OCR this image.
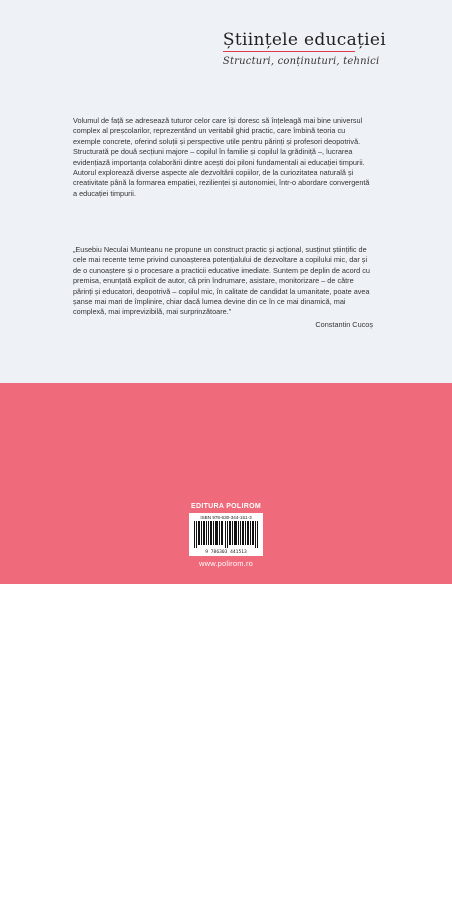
Științele educației
Structuri, conținuturi, tehnici
Volumul de față se adresează tuturor celor care își doresc să înțeleagă mai bine universul complex al preșcolarilor, reprezentând un veritabil ghid practic, care îmbină teoria cu exemple concrete, oferind soluții și perspective utile pentru părinți și profesori deopotrivă. Structurată pe două secțiuni majore – copilul în familie și copilul la grădiniță –, lucrarea evidențiază importanța colaborării dintre acești doi piloni fundamentali ai educației timpurii. Autorul explorează diverse aspecte ale dezvoltării copiilor, de la curiozitatea naturală și creativitate până la formarea empatiei, rezilienței și autonomiei, într-o abordare convergentă a educației timpurii.

„Eusebiu Neculai Munteanu ne propune un construct practic și acțional, susținut științific de cele mai recente teme privind cunoașterea potențialului de dezvoltare a copilului mic, dar și de o cunoaștere și o procesare a practicii educative imediate. Suntem pe deplin de acord cu premisa, enunțată explicit de autor, că prin îndrumare, asistare, monitorizare – de către părinți și educatori, deopotrivă – copilul mic, în calitate de candidat la umanitate, poate avea șanse mai mari de împlinire, chiar dacă lumea devine din ce în ce mai dinamică, mai complexă, mai imprevizibilă, mai surprinzătoare.”

Constantin Cucoș

Ilustrație copertă: © dm-edulas/Depositphotos.com
EDITURA POLIROM
ISBN 978-630-344-151-3
9 786303 441513
www.polirom.ro
